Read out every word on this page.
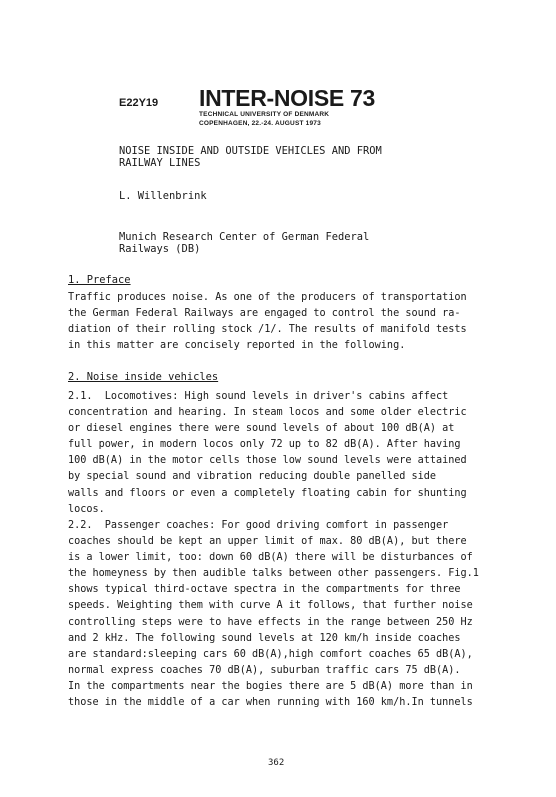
E22Y19 INTER-NOISE 73
TECHNICAL UNIVERSITY OF DENMARK
COPENHAGEN, 22.-24. AUGUST 1973
NOISE INSIDE AND OUTSIDE VEHICLES AND FROM
RAILWAY LINES
L. Willenbrink
Munich Research Center of German Federal
Railways (DB)
1. Preface
Traffic produces noise. As one of the producers of transportation
the German Federal Railways are engaged to control the sound ra-
diation of their rolling stock /1/. The results of manifold tests
in this matter are concisely reported in the following.
2. Noise inside vehicles
2.1.  Locomotives: High sound levels in driver's cabins affect
concentration and hearing. In steam locos and some older electric
or diesel engines there were sound levels of about 100 dB(A) at
full power, in modern locos only 72 up to 82 dB(A). After having
100 dB(A) in the motor cells those low sound levels were attained
by special sound and vibration reducing double panelled side
walls and floors or even a completely floating cabin for shunting
locos.
2.2.  Passenger coaches: For good driving comfort in passenger
coaches should be kept an upper limit of max. 80 dB(A), but there
is a lower limit, too: down 60 dB(A) there will be disturbances of
the homeyness by then audible talks between other passengers. Fig.1
shows typical third-octave spectra in the compartments for three
speeds. Weighting them with curve A it follows, that further noise
controlling steps were to have effects in the range between 250 Hz
and 2 kHz. The following sound levels at 120 km/h inside coaches
are standard:sleeping cars 60 dB(A),high comfort coaches 65 dB(A),
normal express coaches 70 dB(A), suburban traffic cars 75 dB(A).
In the compartments near the bogies there are 5 dB(A) more than in
those in the middle of a car when running with 160 km/h.In tunnels
362
